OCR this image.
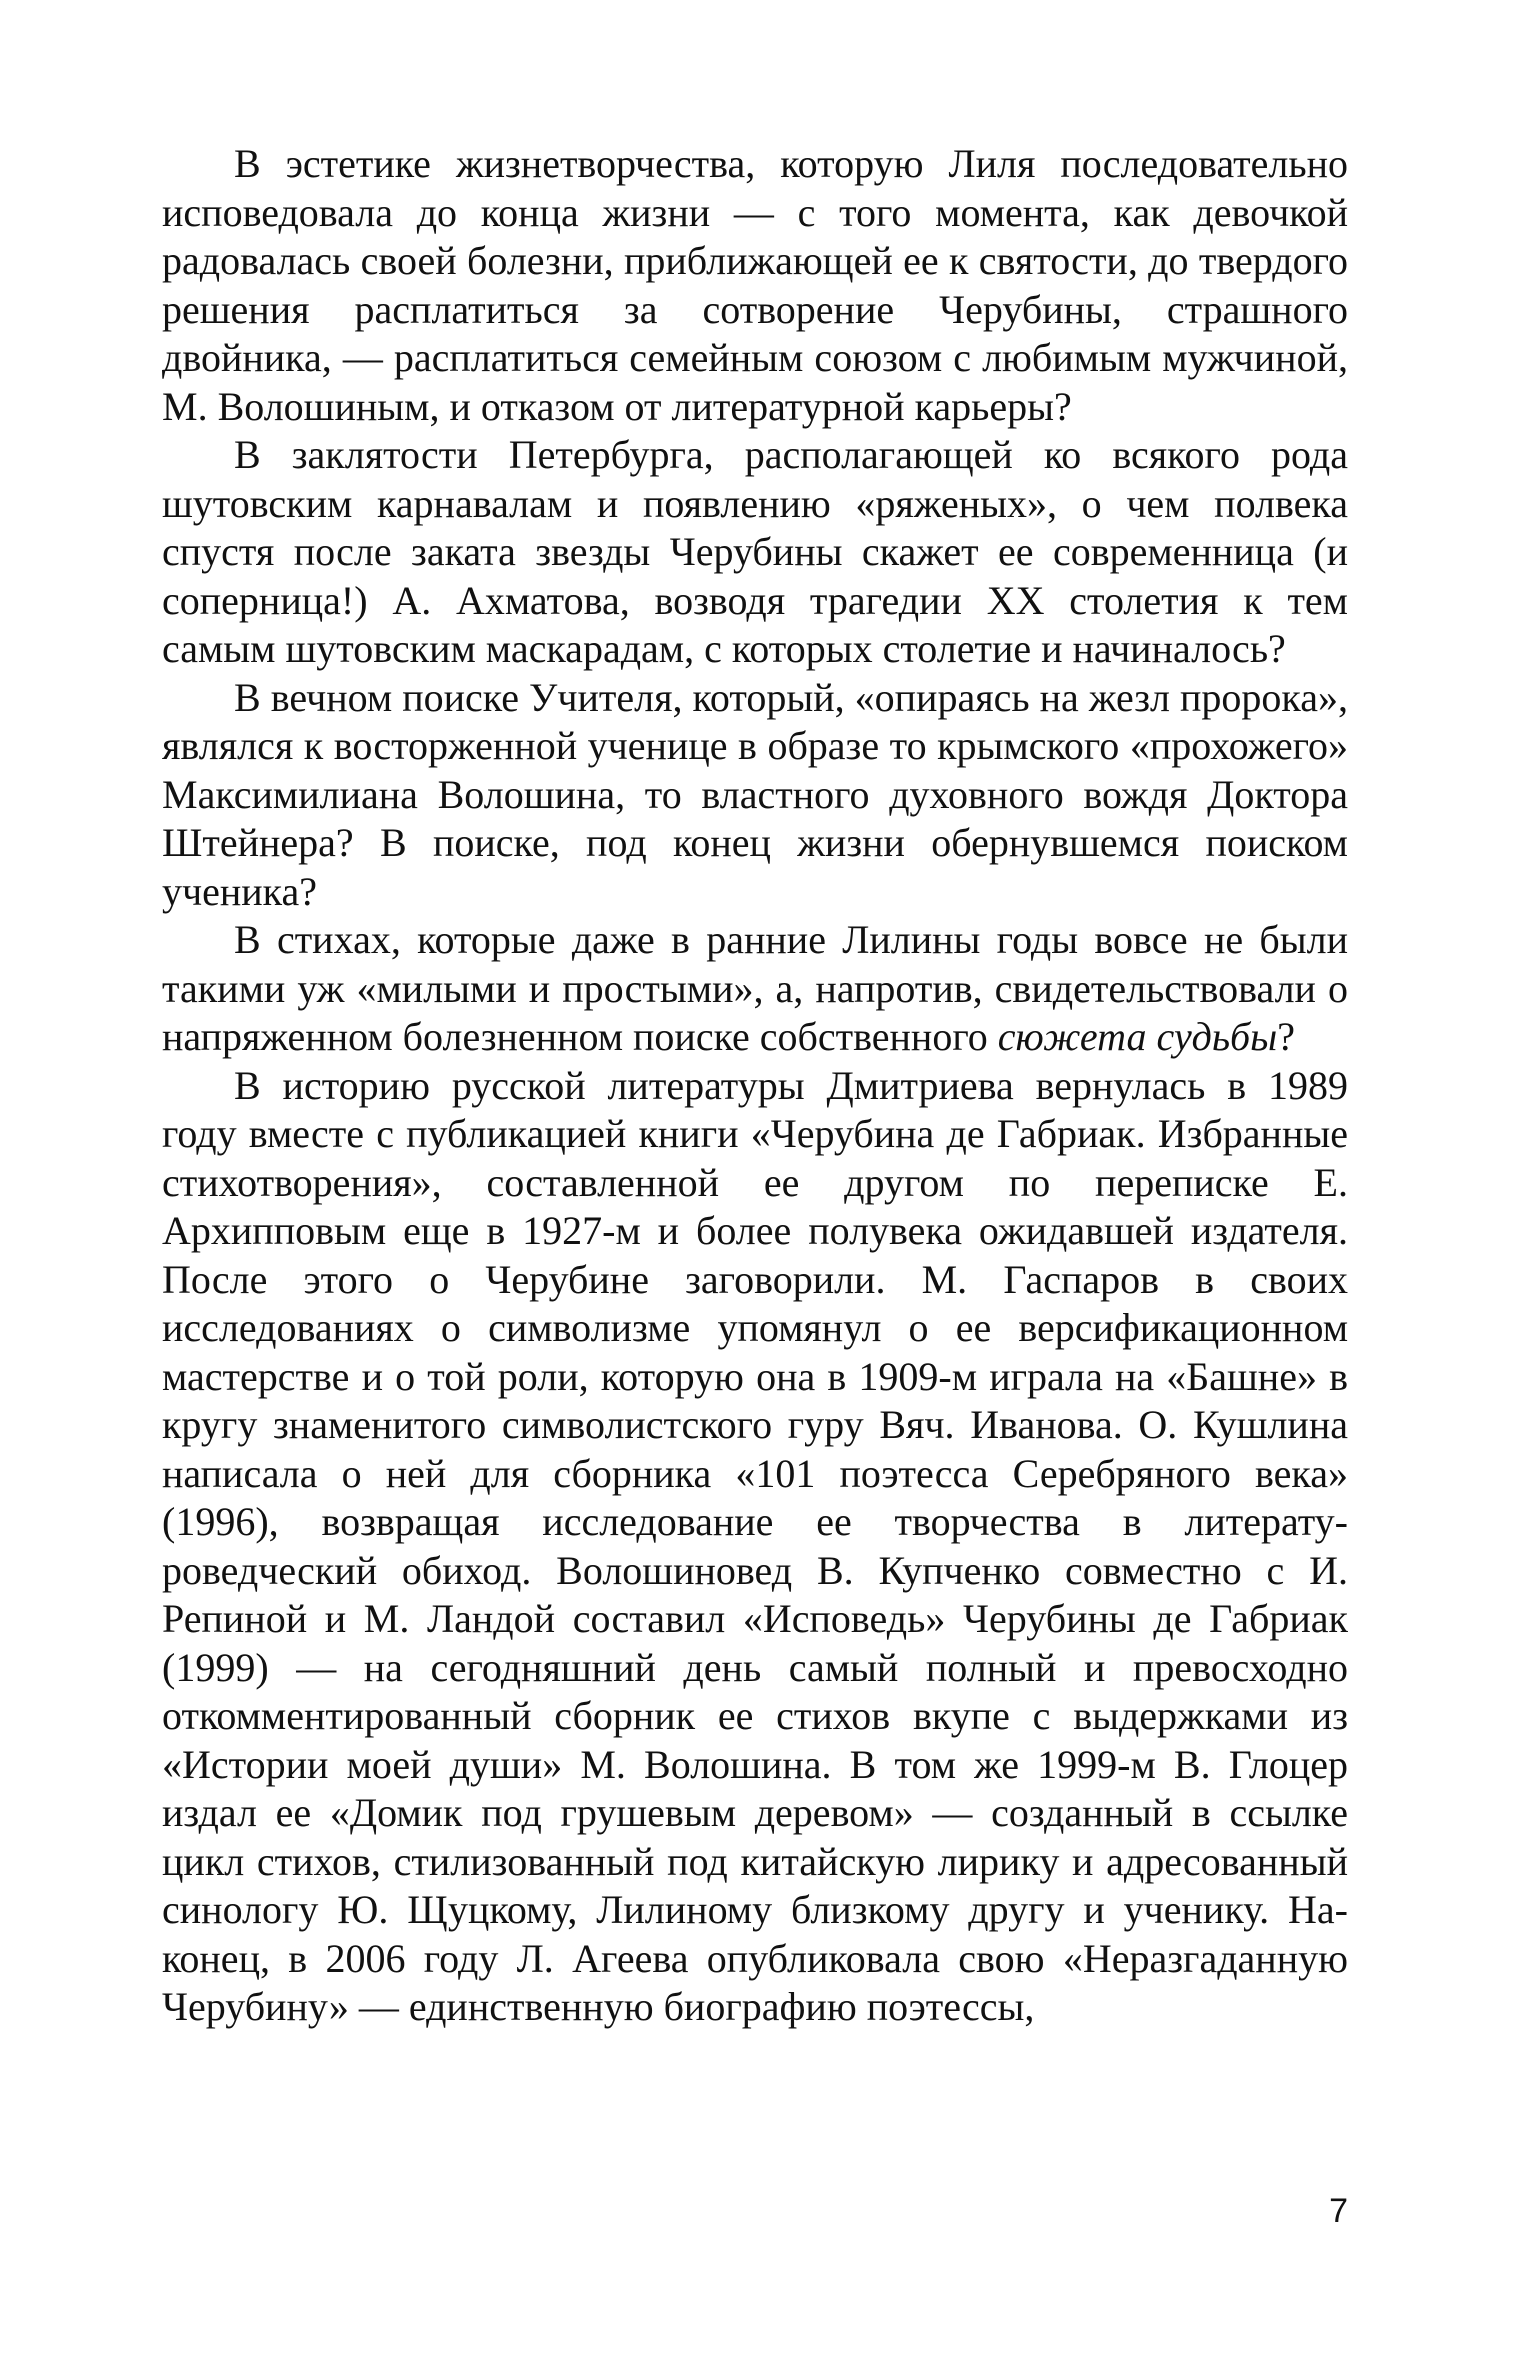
В эстетике жизнетворчества, которую Лиля последовательно исповедовала до конца жизни — с того момента, как девочкой радовалась своей болезни, приближающей ее к святости, до твердого решения расплатиться за сотворение Черубины, страшного двойника, — расплатиться семейным союзом с любимым мужчиной, М. Волошиным, и отказом от литературной карьеры?

В заклятости Петербурга, располагающей ко всякого рода шутовским карнавалам и появлению «ряженых», о чем полвека спустя после заката звезды Черубины скажет ее современница (и соперница!) А. Ахматова, возводя трагедии XX столетия к тем самым шутовским маскарадам, с которых столетие и начиналось?

В вечном поиске Учителя, который, «опираясь на жезл пророка», являлся к восторженной ученице в образе то крымского «прохожего» Максимилиана Волошина, то властного духовного вождя Доктора Штейнера? В поиске, под конец жизни обернувшемся поиском ученика?

В стихах, которые даже в ранние Лилины годы вовсе не были такими уж «милыми и простыми», а, напротив, свидетельствовали о напряженном болезненном поиске собственного сюжета судьбы?

В историю русской литературы Дмитриева вернулась в 1989 году вместе с публикацией книги «Черубина де Габриак. Избранные стихотворения», составленной ее другом по переписке Е. Архипповым еще в 1927-м и более полувека ожидавшей издателя. После этого о Черубине заговорили. М. Гаспаров в своих исследованиях о символизме упомянул о ее версификационном мастерстве и о той роли, которую она в 1909-м играла на «Башне» в кругу знаменитого символистского гуру Вяч. Иванова. О. Кушлина написала о ней для сборника «101 поэтесса Серебряного века» (1996), возвращая исследование ее творчества в литературоведческий обиход. Волошиновед В. Купченко совместно с И. Репиной и М. Ландой составил «Исповедь» Черубины де Габриак (1999) — на сегодняшний день самый полный и превосходно откомментированный сборник ее стихов вкупе с выдержками из «Истории моей души» М. Волошина. В том же 1999-м В. Глоцер издал ее «Домик под грушевым деревом» — созданный в ссылке цикл стихов, стилизованный под китайскую лирику и адресованный синологу Ю. Щуцкому, Лилиному близкому другу и ученику. Наконец, в 2006 году Л. Агеева опубликовала свою «Неразгаданную Черубину» — единственную биографию поэтессы,

7
